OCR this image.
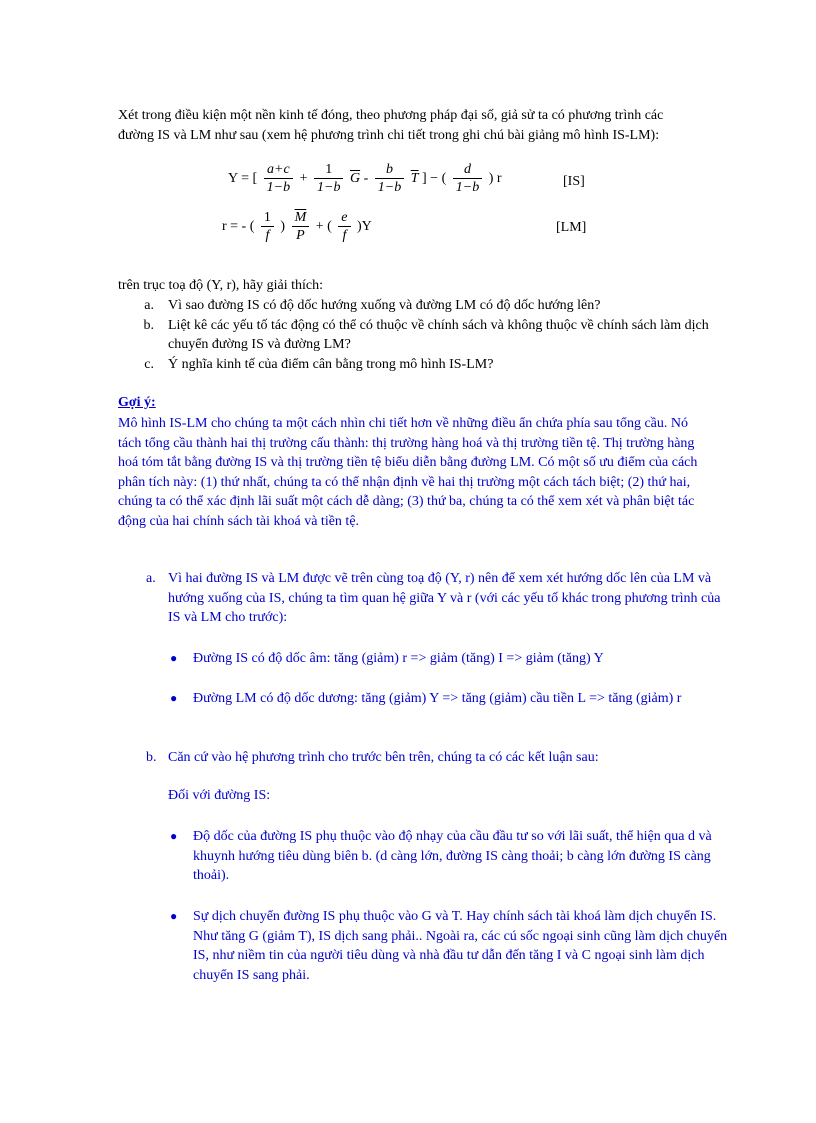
Xét trong điều kiện một nền kinh tế đóng, theo phương pháp đại số, giả sử ta có phương trình các đường IS và LM như sau (xem hệ phương trình chi tiết trong ghi chú bài giảng mô hình IS-LM):

Y = [ $\frac{a+c}{1-b} + \frac{1}{1-b} \overline{G} - \frac{b}{1-b} \overline{T}$ ] − ( $\frac{d}{1-b}$ ) r	[IS]
r = - ( $\frac{1}{f}$ ) $\frac{\overline{M}}{P}$ + ( $\frac{e}{f} )Y$	[LM]

trên trục toạ độ (Y, r), hãy giải thích:

a. Vì sao đường IS có độ dốc hướng xuống và đường LM có độ dốc hướng lên?
b. Liệt kê các yếu tố tác động có thể có thuộc về chính sách và không thuộc về chính sách làm dịch chuyển đường IS và đường LM?
c. Ý nghĩa kinh tế của điểm cân bằng trong mô hình IS-LM?

Gợi ý:

Mô hình IS-LM cho chúng ta một cách nhìn chi tiết hơn về những điều ẩn chứa phía sau tổng cầu. Nó tách tổng cầu thành hai thị trường cấu thành: thị trường hàng hoá và thị trường tiền tệ. Thị trường hàng hoá tóm tắt bằng đường IS và thị trường tiền tệ biểu diễn bằng đường LM. Có một số ưu điểm của cách phân tích này: (1) thứ nhất, chúng ta có thể nhận định về hai thị trường một cách tách biệt; (2) thứ hai, chúng ta có thể xác định lãi suất một cách dễ dàng; (3) thứ ba, chúng ta có thể xem xét và phân biệt tác động của hai chính sách tài khoá và tiền tệ.

a. Vì hai đường IS và LM được vẽ trên cùng toạ độ (Y, r) nên để xem xét hướng dốc lên của LM và hướng xuống của IS, chúng ta tìm quan hệ giữa Y và r (với các yếu tố khác trong phương trình của IS và LM cho trước):
● Đường IS có độ dốc âm: tăng (giảm) r => giảm (tăng) I => giảm (tăng) Y
● Đường LM có độ dốc dương: tăng (giảm) Y => tăng (giảm) cầu tiền L => tăng (giảm) r
b. Căn cứ vào hệ phương trình cho trước bên trên, chúng ta có các kết luận sau:

Đối với đường IS:

● Độ dốc của đường IS phụ thuộc vào độ nhạy của cầu đầu tư so với lãi suất, thể hiện qua d và khuynh hướng tiêu dùng biên b. (d càng lớn, đường IS càng thoải; b càng lớn đường IS càng thoải).
● Sự dịch chuyển đường IS phụ thuộc vào G và T. Hay chính sách tài khoá làm dịch chuyển IS. Như tăng G (giảm T), IS dịch sang phải.. Ngoài ra, các cú sốc ngoại sinh cũng làm dịch chuyển IS, như niềm tin của người tiêu dùng và nhà đầu tư dẫn đến tăng I và C ngoại sinh làm dịch chuyển IS sang phải.
